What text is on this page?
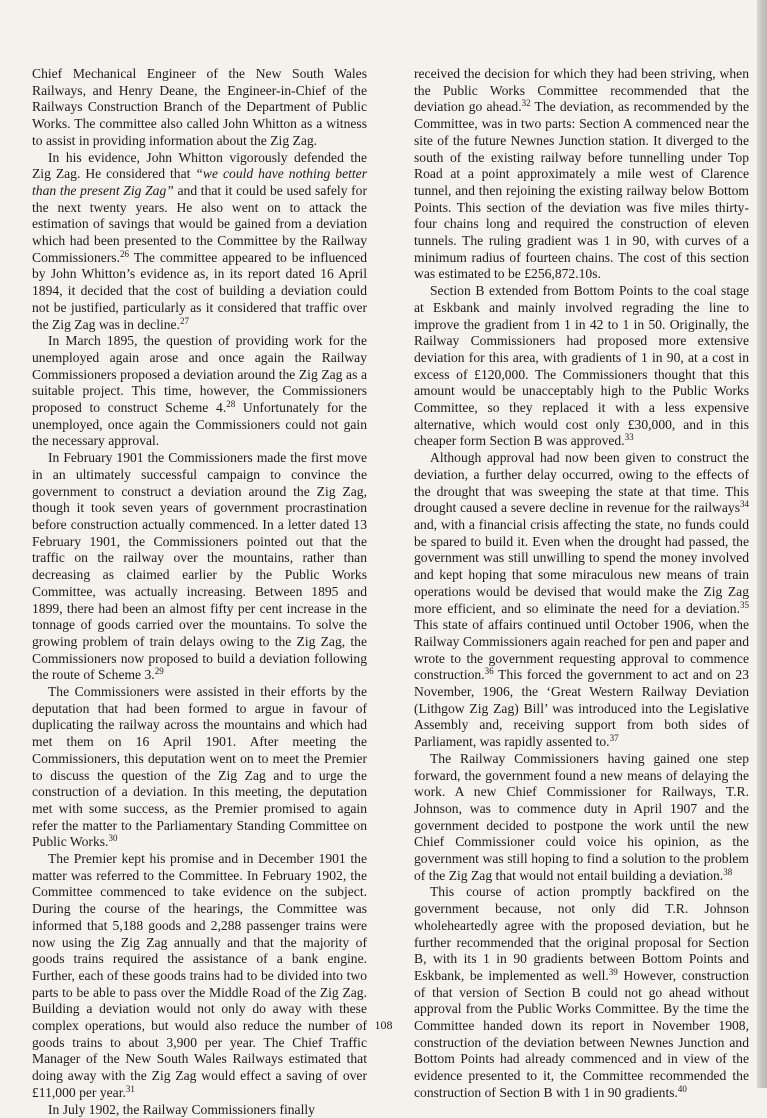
Chief Mechanical Engineer of the New South Wales Railways, and Henry Deane, the Engineer-in-Chief of the Railways Construction Branch of the Department of Public Works. The committee also called John Whitton as a witness to assist in providing information about the Zig Zag.

In his evidence, John Whitton vigorously defended the Zig Zag. He considered that “we could have nothing better than the present Zig Zag” and that it could be used safely for the next twenty years. He also went on to attack the estimation of savings that would be gained from a deviation which had been presented to the Committee by the Railway Commissioners.$^{26}$ The committee appeared to be influenced by John Whitton’s evidence as, in its report dated 16 April 1894, it decided that the cost of building a deviation could not be justified, particularly as it considered that traffic over the Zig Zag was in decline.$^{27}$

In March 1895, the question of providing work for the unemployed again arose and once again the Railway Commissioners proposed a deviation around the Zig Zag as a suitable project. This time, however, the Commissioners proposed to construct Scheme 4.28 Unfortunately for the unemployed, once again the Commissioners could not gain the necessary approval.

In February 1901 the Commissioners made the first move in an ultimately successful campaign to convince the government to construct a deviation around the Zig Zag, though it took seven years of government procrastination before construction actually commenced. In a letter dated 13 February 1901, the Commissioners pointed out that the traffic on the railway over the mountains, rather than decreasing as claimed earlier by the Public Works Committee, was actually increasing. Between 1895 and 1899, there had been an almost fifty per cent increase in the tonnage of goods carried over the mountains. To solve the growing problem of train delays owing to the Zig Zag, the Commissioners now proposed to build a deviation following the route of Scheme 3.29

The Commissioners were assisted in their efforts by the deputation that had been formed to argue in favour of duplicating the railway across the mountains and which had met them on 16 April 1901. After meeting the Commissioners, this deputation went on to meet the Premier to discuss the question of the Zig Zag and to urge the construction of a deviation. In this meeting, the deputation met with some success, as the Premier promised to again refer the matter to the Parliamentary Standing Committee on Public Works.$^{30}$

The Premier kept his promise and in December 1901 the matter was referred to the Committee. In February 1902, the Committee commenced to take evidence on the subject. During the course of the hearings, the Committee was informed that 5,188 goods and 2,288 passenger trains were now using the Zig Zag annually and that the majority of goods trains required the assistance of a bank engine. Further, each of these goods trains had to be divided into two parts to be able to pass over the Middle Road of the Zig Zag. Building a deviation would not only do away with these complex operations, but would also reduce the number of goods trains to about 3,900 per year. The Chief Traffic Manager of the New South Wales Railways estimated that doing away with the Zig Zag would effect a saving of over £11,000 per year.$^{31}$

In July 1902, the Railway Commissioners finally

received the decision for which they had been striving, when the Public Works Committee recommended that the deviation go ahead.$^{32}$ The deviation, as recommended by the Committee, was in two parts: Section A commenced near the site of the future Newnes Junction station. It diverged to the south of the existing railway before tunnelling under Top Road at a point approximately a mile west of Clarence tunnel, and then rejoining the existing railway below Bottom Points. This section of the deviation was five miles thirty-four chains long and required the construction of eleven tunnels. The ruling gradient was 1 in 90, with curves of a minimum radius of fourteen chains. The cost of this section was estimated to be £256,872.10s.

Section B extended from Bottom Points to the coal stage at Eskbank and mainly involved regrading the line to improve the gradient from 1 in 42 to 1 in 50. Originally, the Railway Commissioners had proposed more extensive deviation for this area, with gradients of 1 in 90, at a cost in excess of £120,000. The Commissioners thought that this amount would be unacceptably high to the Public Works Committee, so they replaced it with a less expensive alternative, which would cost only £30,000, and in this cheaper form Section B was approved.$^{33}$

Although approval had now been given to construct the deviation, a further delay occurred, owing to the effects of the drought that was sweeping the state at that time. This drought caused a severe decline in revenue for the railways$^{34}$ and, with a financial crisis affecting the state, no funds could be spared to build it. Even when the drought had passed, the government was still unwilling to spend the money involved and kept hoping that some miraculous new means of train operations would be devised that would make the Zig Zag more efficient, and so eliminate the need for a deviation.$^{35}$ This state of affairs continued until October 1906, when the Railway Commissioners again reached for pen and paper and wrote to the government requesting approval to commence construction.$^{36}$ This forced the government to act and on 23 November, 1906, the ‘Great Western Railway Deviation (Lithgow Zig Zag) Bill’ was introduced into the Legislative Assembly and, receiving support from both sides of Parliament, was rapidly assented to.$^{37}$

The Railway Commissioners having gained one step forward, the government found a new means of delaying the work. A new Chief Commissioner for Railways, T.R. Johnson, was to commence duty in April 1907 and the government decided to postpone the work until the new Chief Commissioner could voice his opinion, as the government was still hoping to find a solution to the problem of the Zig Zag that would not entail building a deviation.$^{38}$

This course of action promptly backfired on the government because, not only did T.R. Johnson wholeheartedly agree with the proposed deviation, but he further recommended that the original proposal for Section B, with its 1 in 90 gradients between Bottom Points and Eskbank, be implemented as well.$^{39}$ However, construction of that version of Section B could not go ahead without approval from the Public Works Committee. By the time the Committee handed down its report in November 1908, construction of the deviation between Newnes Junction and Bottom Points had already commenced and in view of the evidence presented to it, the Committee recommended the construction of Section B with 1 in 90 gradients.$^{40}$

108
